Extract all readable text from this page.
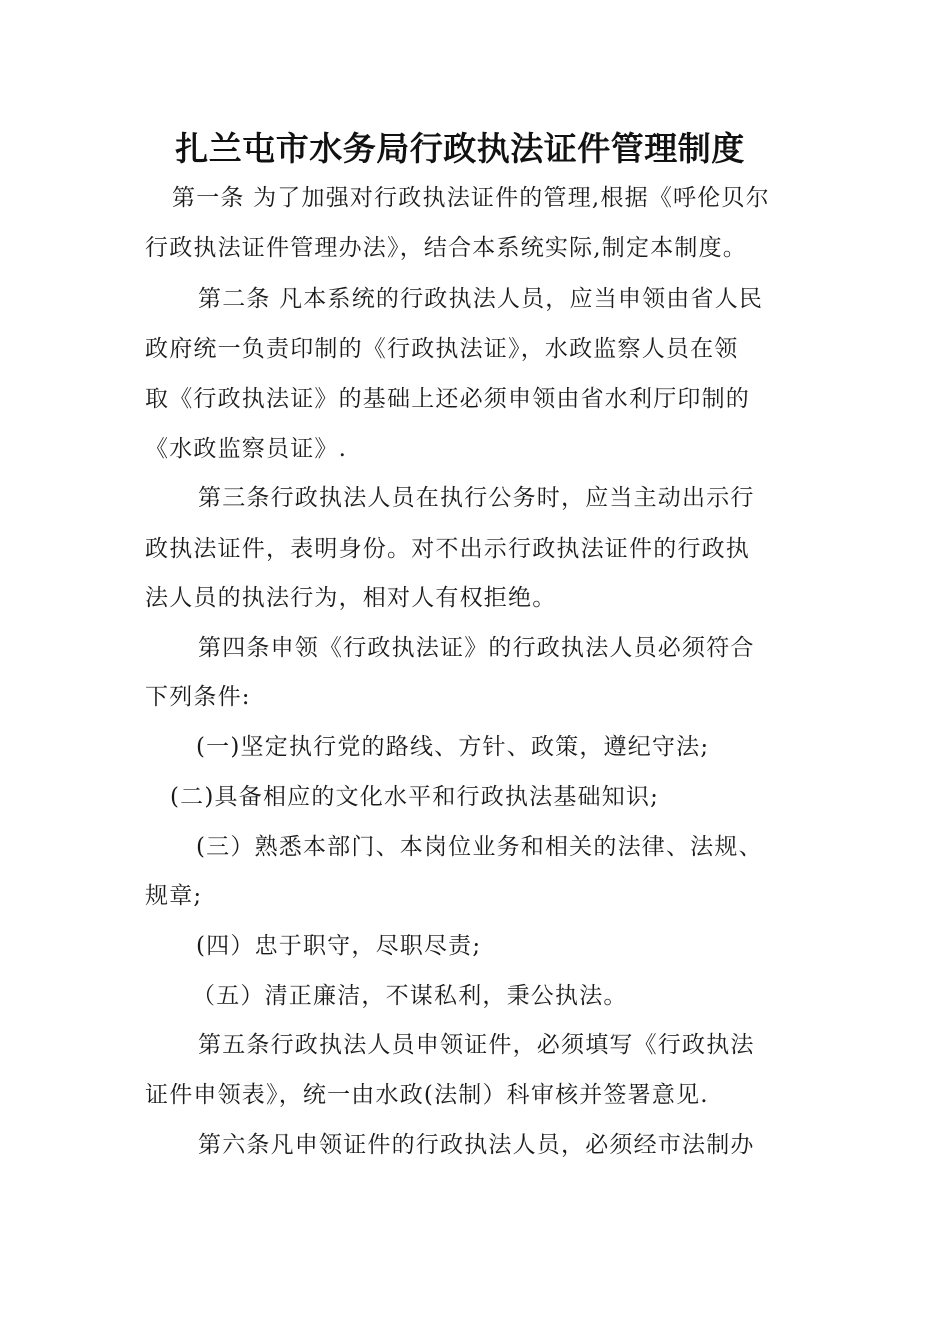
扎兰屯市水务局行政执法证件管理制度
第一条 为了加强对行政执法证件的管理,根据《呼伦贝尔
行政执法证件管理办法》，结合本系统实际,制定本制度。
第二条 凡本系统的行政执法人员，应当申领由省人民
政府统一负责印制的《行政执法证》，水政监察人员在领
取《行政执法证》的基础上还必须申领由省水利厅印制的
《水政监察员证》.
第三条行政执法人员在执行公务时，应当主动出示行
政执法证件，表明身份。对不出示行政执法证件的行政执
法人员的执法行为，相对人有权拒绝。
第四条申领《行政执法证》的行政执法人员必须符合
下列条件:
(一)坚定执行党的路线、方针、政策，遵纪守法;
(二)具备相应的文化水平和行政执法基础知识;
(三）熟悉本部门、本岗位业务和相关的法律、法规、
规章;
(四）忠于职守，尽职尽责;
（五）清正廉洁，不谋私利，秉公执法。
第五条行政执法人员申领证件，必须填写《行政执法
证件申领表》，统一由水政(法制）科审核并签署意见.
第六条凡申领证件的行政执法人员，必须经市法制办
